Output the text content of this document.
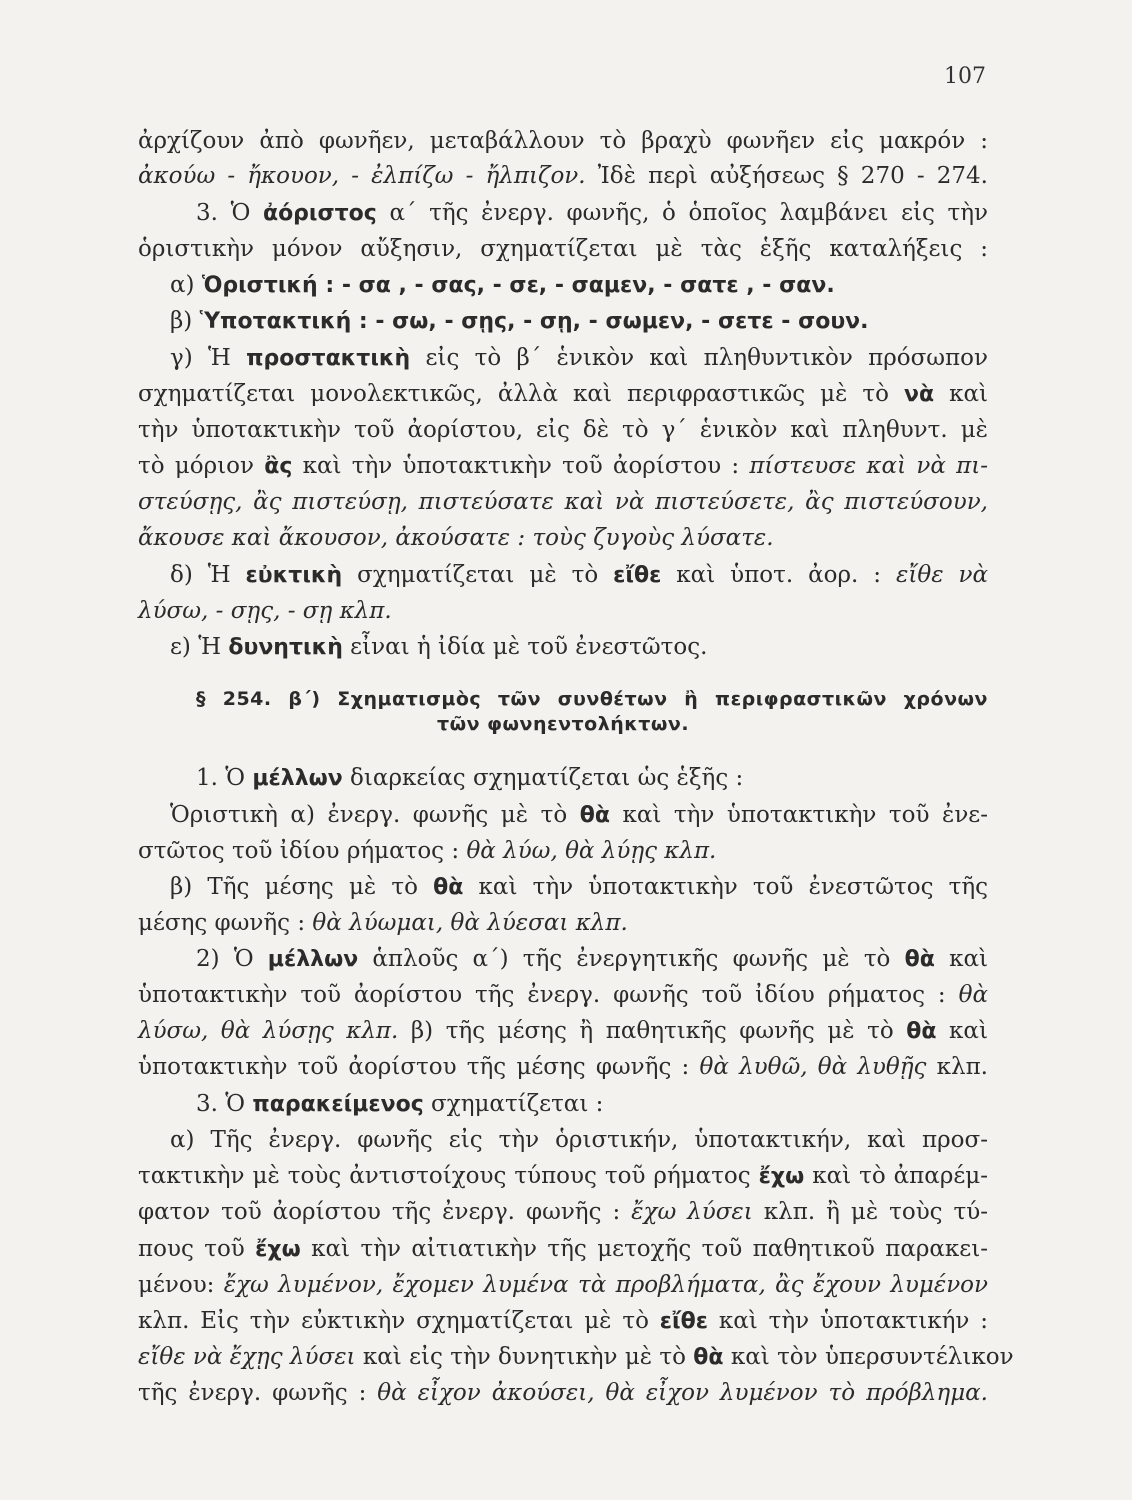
107
ἀρχίζουν ἀπὸ φωνῆεν, μεταβάλλουν τὸ βραχὺ φωνῆεν εἰς μακρόν :
ἀκούω - ἤκουον, - ἐλπίζω - ἤλπιζον. Ἰδὲ περὶ αὐξήσεως § 270 - 274.
3. Ὁ ἀόριστος α΄ τῆς ἐνεργ. φωνῆς, ὁ ὁποῖος λαμβάνει εἰς τὴν
ὁριστικὴν μόνον αὔξησιν, σχηματίζεται μὲ τὰς ἑξῆς καταλήξεις :
α) Ὁριστική : - σα , - σας, - σε, - σαμεν, - σατε , - σαν.
β) Ὑποτακτική : - σω, - σῃς, - σῃ, - σωμεν, - σετε - σουν.
γ) Ἡ προστακτικὴ εἰς τὸ β΄ ἑνικὸν καὶ πληθυντικὸν πρόσωπον
σχηματίζεται μονολεκτικῶς, ἀλλὰ καὶ περιφραστικῶς μὲ τὸ νὰ καὶ
τὴν ὑποτακτικὴν τοῦ ἀορίστου, εἰς δὲ τὸ γ΄ ἑνικὸν καὶ πληθυντ. μὲ
τὸ μόριον ἂς καὶ τὴν ὑποτακτικὴν τοῦ ἀορίστου : πίστευσε καὶ νὰ πι-
στεύσῃς, ἂς πιστεύσῃ, πιστεύσατε καὶ νὰ πιστεύσετε, ἂς πιστεύσουν,
ἄκουσε καὶ ἄκουσον, ἀκούσατε : τοὺς ζυγοὺς λύσατε.
δ) Ἡ εὐκτικὴ σχηματίζεται μὲ τὸ εἴθε καὶ ὑποτ. ἀορ. : εἴθε νὰ
λύσω, - σῃς, - σῃ κλπ.
ε) Ἡ δυνητικὴ εἶναι ἡ ἰδία μὲ τοῦ ἐνεστῶτος.
§ 254. β΄) Σχηματισμὸς τῶν συνθέτων ἢ περιφραστικῶν χρόνων
τῶν φωνηεντολήκτων.
1. Ὁ μέλλων διαρκείας σχηματίζεται ὡς ἑξῆς :
Ὁριστικὴ α) ἐνεργ. φωνῆς μὲ τὸ θὰ καὶ τὴν ὑποτακτικὴν τοῦ ἐνε-
στῶτος τοῦ ἰδίου ρήματος : θὰ λύω, θὰ λύῃς κλπ.
β) Τῆς μέσης μὲ τὸ θὰ καὶ τὴν ὑποτακτικὴν τοῦ ἐνεστῶτος τῆς
μέσης φωνῆς : θὰ λύωμαι, θὰ λύεσαι κλπ.
2) Ὁ μέλλων ἁπλοῦς α΄) τῆς ἐνεργητικῆς φωνῆς μὲ τὸ θὰ καὶ
ὑποτακτικὴν τοῦ ἀορίστου τῆς ἐνεργ. φωνῆς τοῦ ἰδίου ρήματος : θὰ
λύσω, θὰ λύσῃς κλπ. β) τῆς μέσης ἢ παθητικῆς φωνῆς μὲ τὸ θὰ καὶ
ὑποτακτικὴν τοῦ ἀορίστου τῆς μέσης φωνῆς : θὰ λυθῶ, θὰ λυθῇς κλπ.
3. Ὁ παρακείμενος σχηματίζεται :
α) Τῆς ἐνεργ. φωνῆς εἰς τὴν ὁριστικήν, ὑποτακτικήν, καὶ προσ-
τακτικὴν μὲ τοὺς ἀντιστοίχους τύπους τοῦ ρήματος ἔχω καὶ τὸ ἀπαρέμ-
φατον τοῦ ἀορίστου τῆς ἐνεργ. φωνῆς : ἔχω λύσει κλπ. ἢ μὲ τοὺς τύ-
πους τοῦ ἔχω καὶ τὴν αἰτιατικὴν τῆς μετοχῆς τοῦ παθητικοῦ παρακει-
μένου: ἔχω λυμένον, ἔχομεν λυμένα τὰ προβλήματα, ἂς ἔχουν λυμένον
κλπ. Εἰς τὴν εὐκτικὴν σχηματίζεται μὲ τὸ εἴθε καὶ τὴν ὑποτακτικήν :
εἴθε νὰ ἔχῃς λύσει καὶ εἰς τὴν δυνητικὴν μὲ τὸ θὰ καὶ τὸν ὑπερσυντέλικον
τῆς ἐνεργ. φωνῆς : θὰ εἶχον ἀκούσει, θὰ εἶχον λυμένον τὸ πρόβλημα.
